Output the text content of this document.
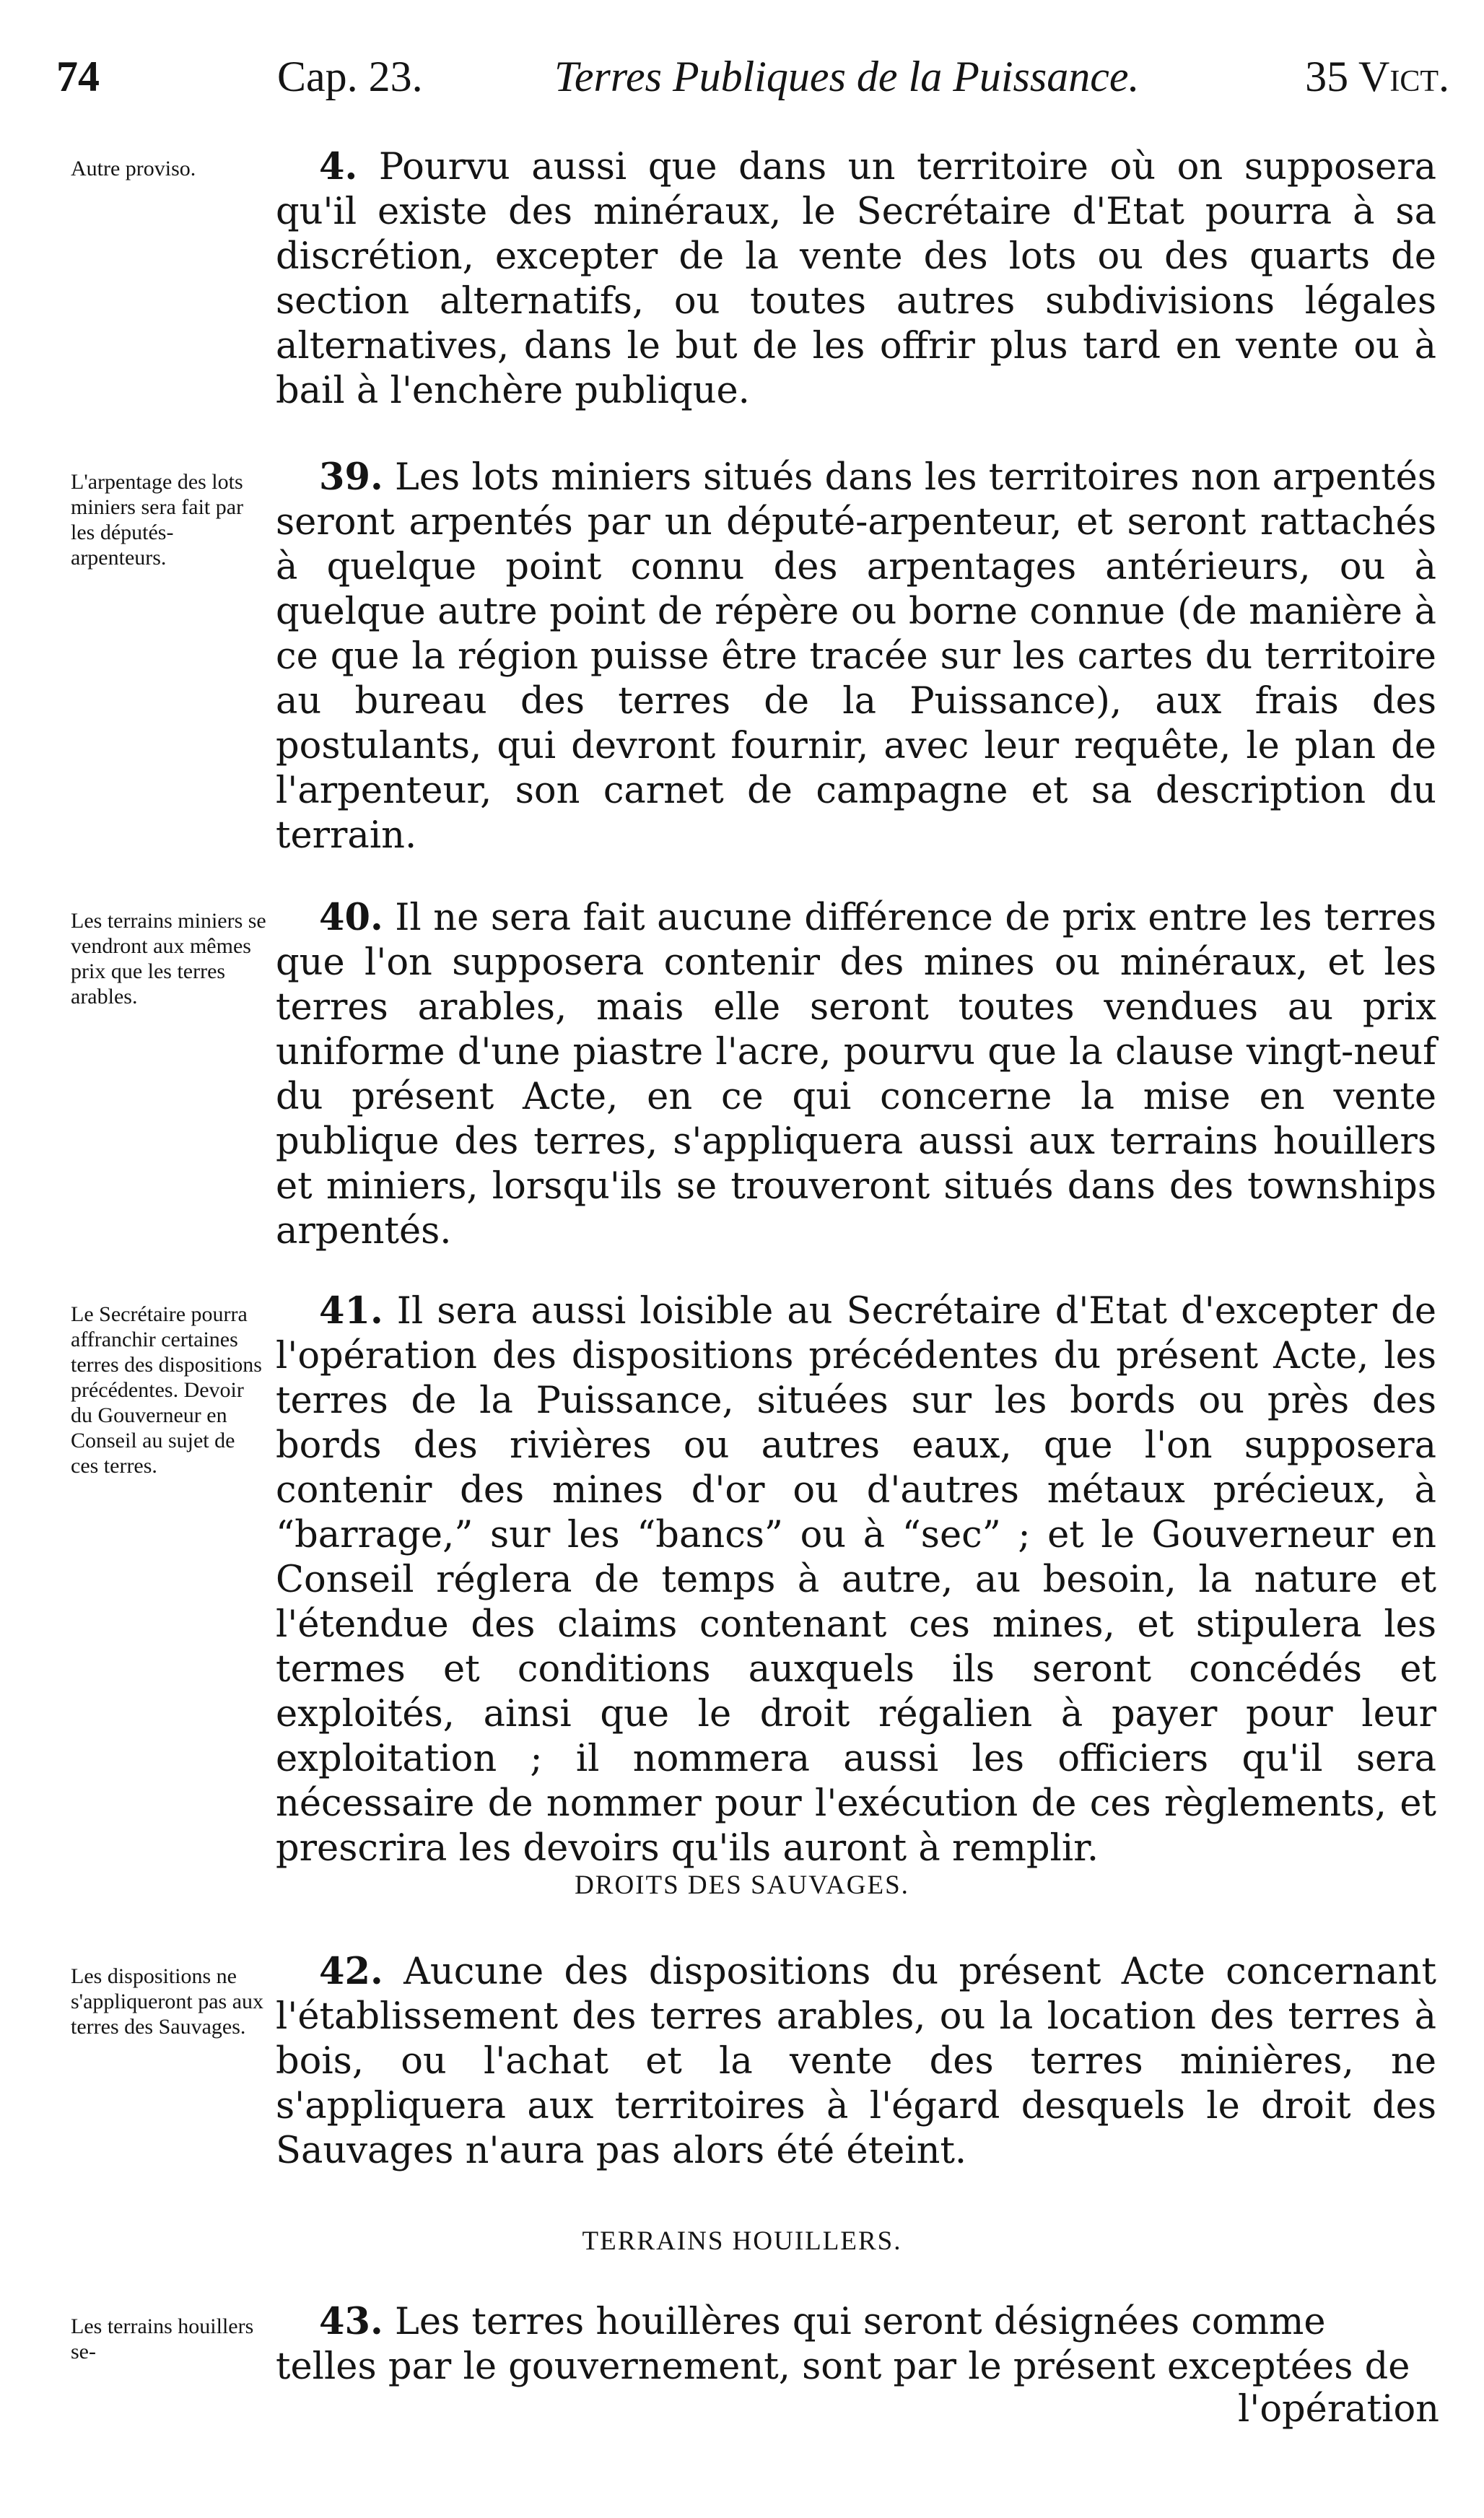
74	Cap. 23.	Terres Publiques de la Puissance.	35 Vict.
Autre proviso.	4. Pourvu aussi que dans un territoire où on supposera qu'il existe des minéraux, le Secrétaire d'Etat pourra à sa discrétion, excepter de la vente des lots ou des quarts de section alternatifs, ou toutes autres subdivisions légales alternatives, dans le but de les offrir plus tard en vente ou à bail à l'enchère publique.
L'arpentage des lots miniers sera fait par les députés-arpenteurs.
39. Les lots miniers situés dans les territoires non arpentés seront arpentés par un député-arpenteur, et seront rattachés à quelque point connu des arpentages antérieurs, ou à quelque autre point de répère ou borne connue (de manière à ce que la région puisse être tracée sur les cartes du territoire au bureau des terres de la Puissance), aux frais des postulants, qui devront fournir, avec leur requête, le plan de l'arpenteur, son carnet de campagne et sa description du terrain.
Les terrains miniers se vendront aux mêmes prix que les terres arables.
40. Il ne sera fait aucune différence de prix entre les terres que l'on supposera contenir des mines ou minéraux, et les terres arables, mais elle seront toutes vendues au prix uniforme d'une piastre l'acre, pourvu que la clause vingt-neuf du présent Acte, en ce qui concerne la mise en vente publique des terres, s'appliquera aussi aux terrains houillers et miniers, lorsqu'ils se trouveront situés dans des townships arpentés.
Le Secrétaire pourra affranchir certaines terres des dispositions précédentes. Devoir du Gouverneur en Conseil au sujet de ces terres.
41. Il sera aussi loisible au Secrétaire d'Etat d'excepter de l'opération des dispositions précédentes du présent Acte, les terres de la Puissance, situées sur les bords ou près des bords des rivières ou autres eaux, que l'on supposera contenir des mines d'or ou d'autres métaux précieux, à “barrage,” sur les “bancs” ou à “sec” ; et le Gouverneur en Conseil réglera de temps à autre, au besoin, la nature et l'étendue des claims contenant ces mines, et stipulera les termes et conditions auxquels ils seront concédés et exploités, ainsi que le droit régalien à payer pour leur exploitation ; il nommera aussi les officiers qu'il sera nécessaire de nommer pour l'exécution de ces règlements, et prescrira les devoirs qu'ils auront à remplir.
DROITS DES SAUVAGES.
Les dispositions ne s'appliqueront pas aux terres des Sauvages.
42. Aucune des dispositions du présent Acte concernant l'établissement des terres arables, ou la location des terres à bois, ou l'achat et la vente des terres minières, ne s'appliquera aux territoires à l'égard desquels le droit des Sauvages n'aura pas alors été éteint.
TERRAINS HOUILLERS.
Les terrains houillers se-
43. Les terres houillères qui seront désignées comme telles par le gouvernement, sont par le présent exceptées de
l'opération
